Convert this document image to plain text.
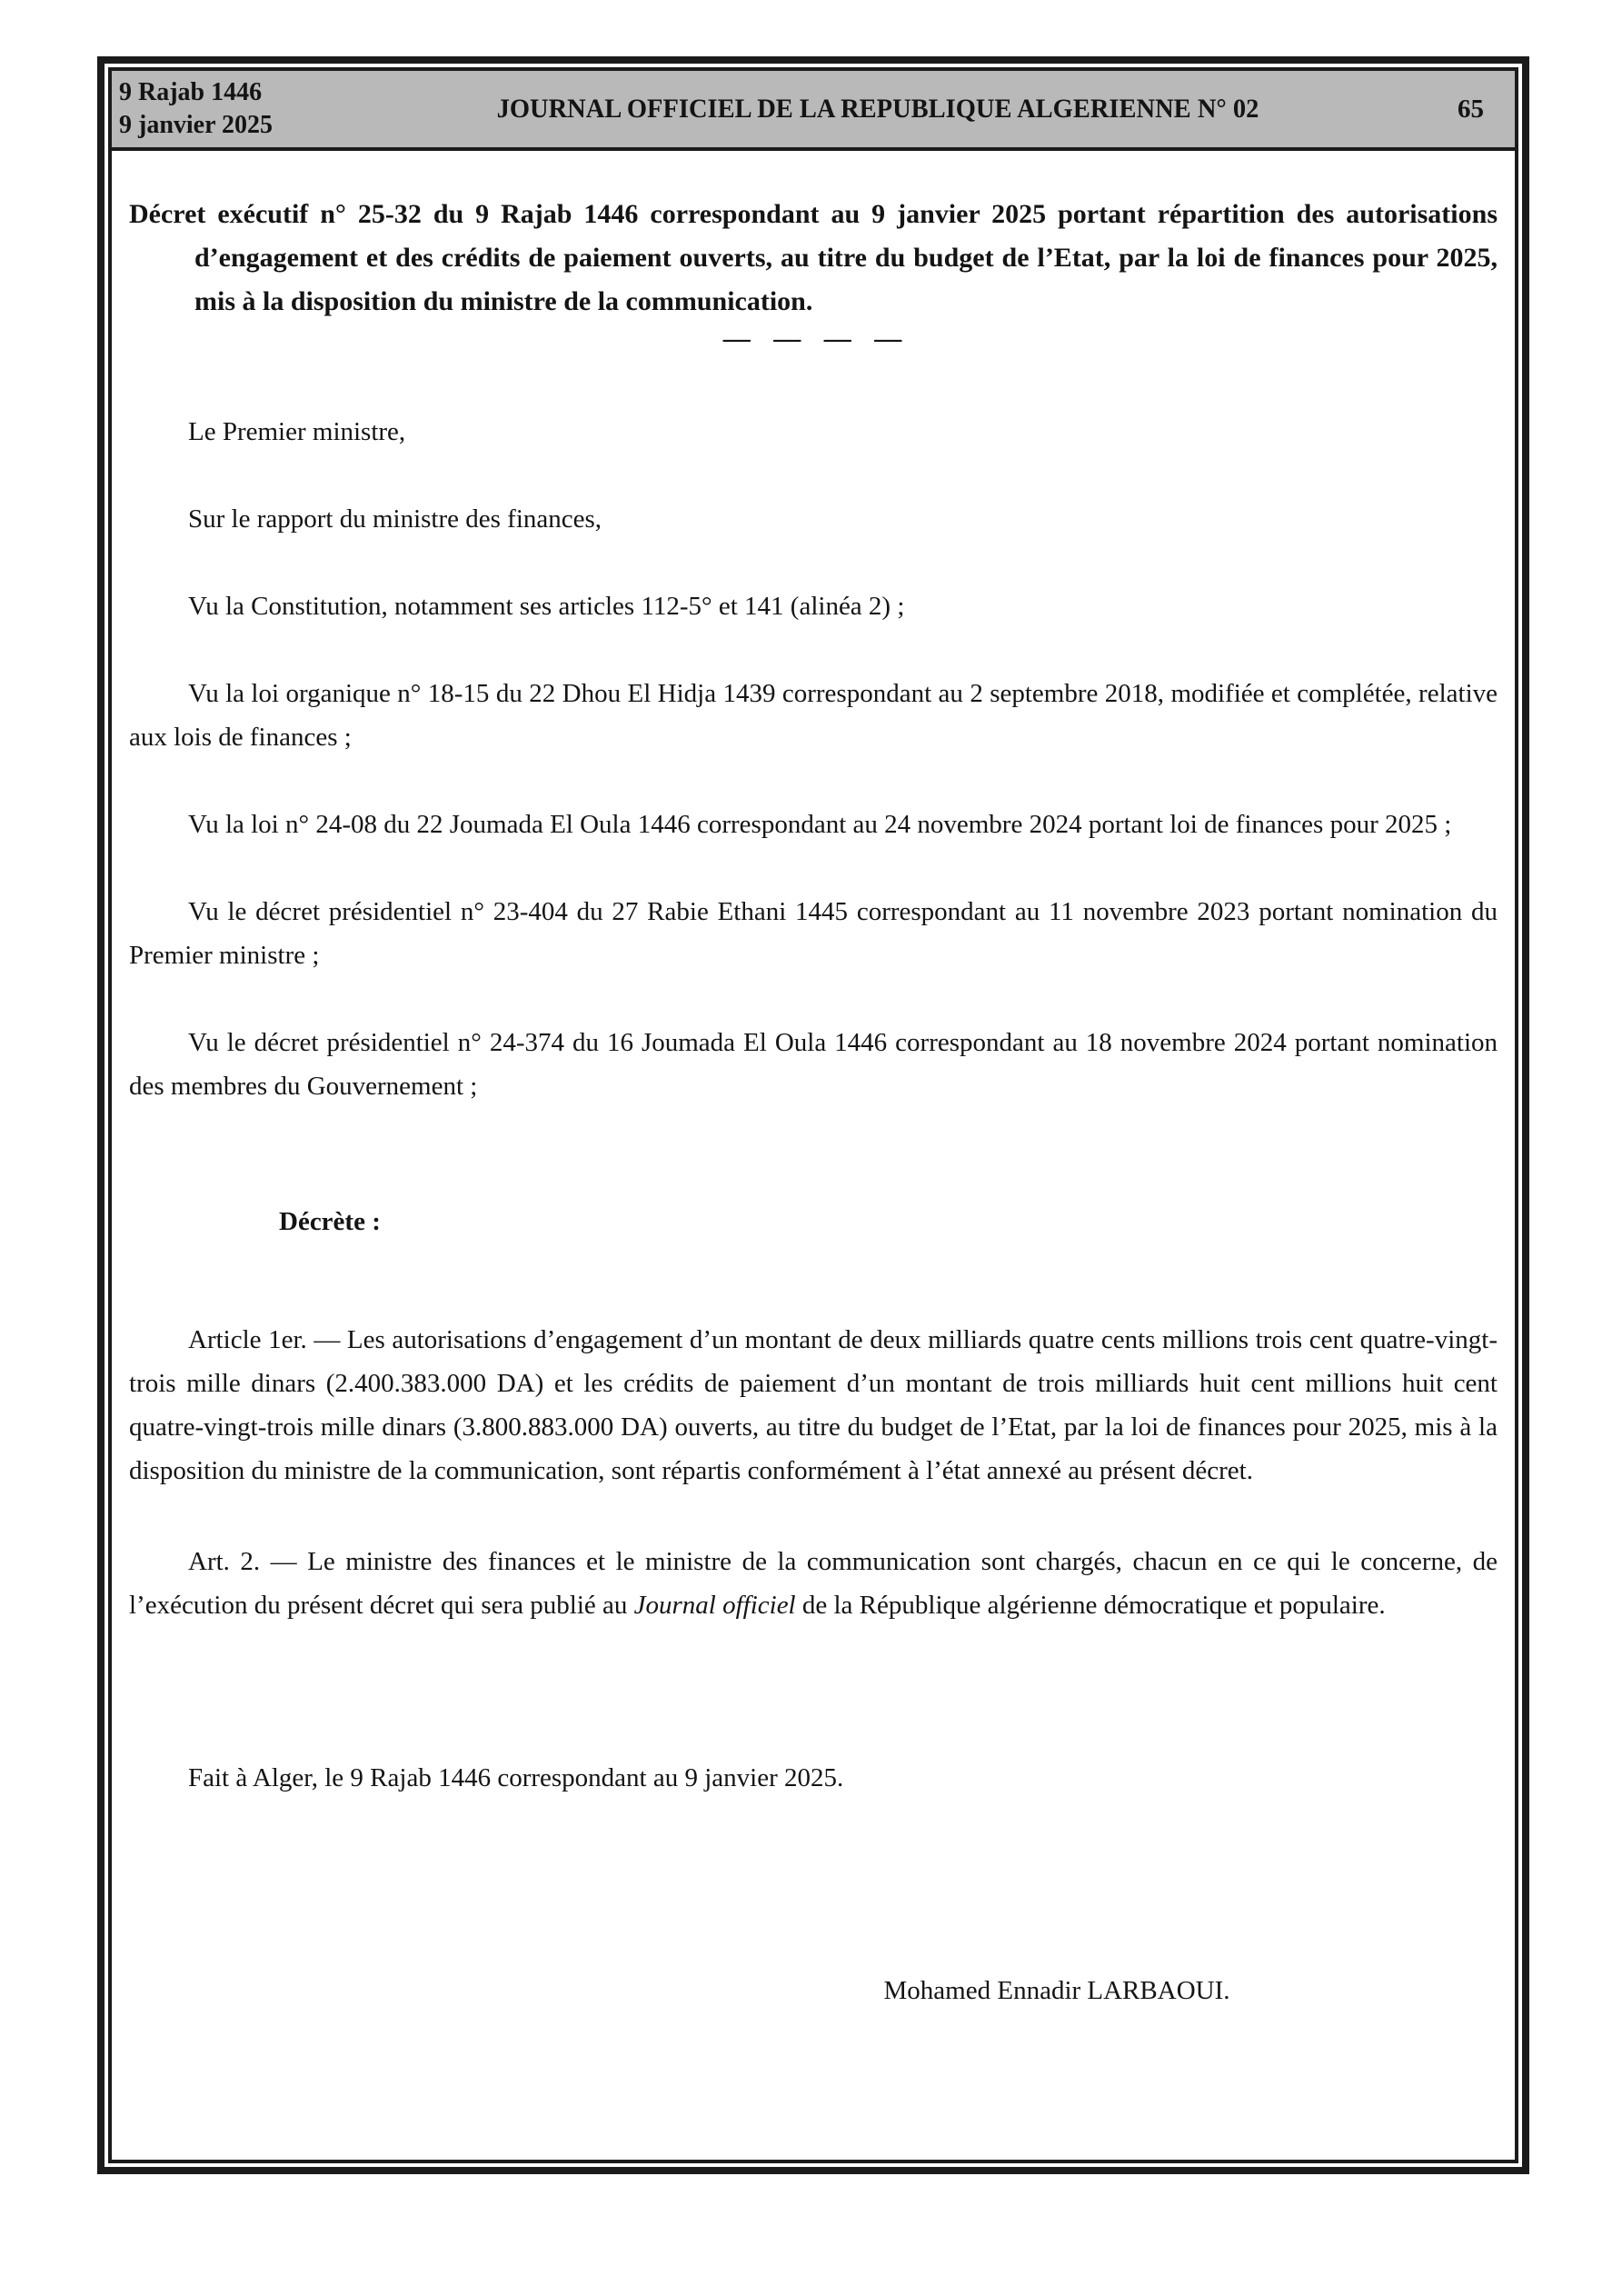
9 Rajab 1446
9 janvier 2025
JOURNAL OFFICIEL DE LA REPUBLIQUE ALGERIENNE N° 02	65

Décret exécutif n° 25-32 du 9 Rajab 1446 correspondant au 9 janvier 2025 portant répartition des autorisations d’engagement et des crédits de paiement ouverts, au titre du budget de l’Etat, par la loi de finances pour 2025, mis à la disposition du ministre de la communication.

— — — —

Le Premier ministre,

Sur le rapport du ministre des finances,

Vu la Constitution, notamment ses articles 112-5° et 141 (alinéa 2) ;

Vu la loi organique n° 18-15 du 22 Dhou El Hidja 1439 correspondant au 2 septembre 2018, modifiée et complétée, relative aux lois de finances ;

Vu la loi n° 24-08 du 22 Joumada El Oula 1446 correspondant au 24 novembre 2024 portant loi de finances pour 2025 ;

Vu le décret présidentiel n° 23-404 du 27 Rabie Ethani 1445 correspondant au 11 novembre 2023 portant nomination du Premier ministre ;

Vu le décret présidentiel n° 24-374 du 16 Joumada El Oula 1446 correspondant au 18 novembre 2024 portant nomination des membres du Gouvernement ;

Décrète :

Article 1er. — Les autorisations d’engagement d’un montant de deux milliards quatre cents millions trois cent quatre-vingt-trois mille dinars (2.400.383.000 DA) et les crédits de paiement d’un montant de trois milliards huit cent millions huit cent quatre-vingt-trois mille dinars (3.800.883.000 DA) ouverts, au titre du budget de l’Etat, par la loi de finances pour 2025, mis à la disposition du ministre de la communication, sont répartis conformément à l’état annexé au présent décret.

Art. 2. — Le ministre des finances et le ministre de la communication sont chargés, chacun en ce qui le concerne, de l’exécution du présent décret qui sera publié au Journal officiel de la République algérienne démocratique et populaire.

Fait à Alger, le 9 Rajab 1446 correspondant au 9 janvier 2025.

Mohamed Ennadir LARBAOUI.
